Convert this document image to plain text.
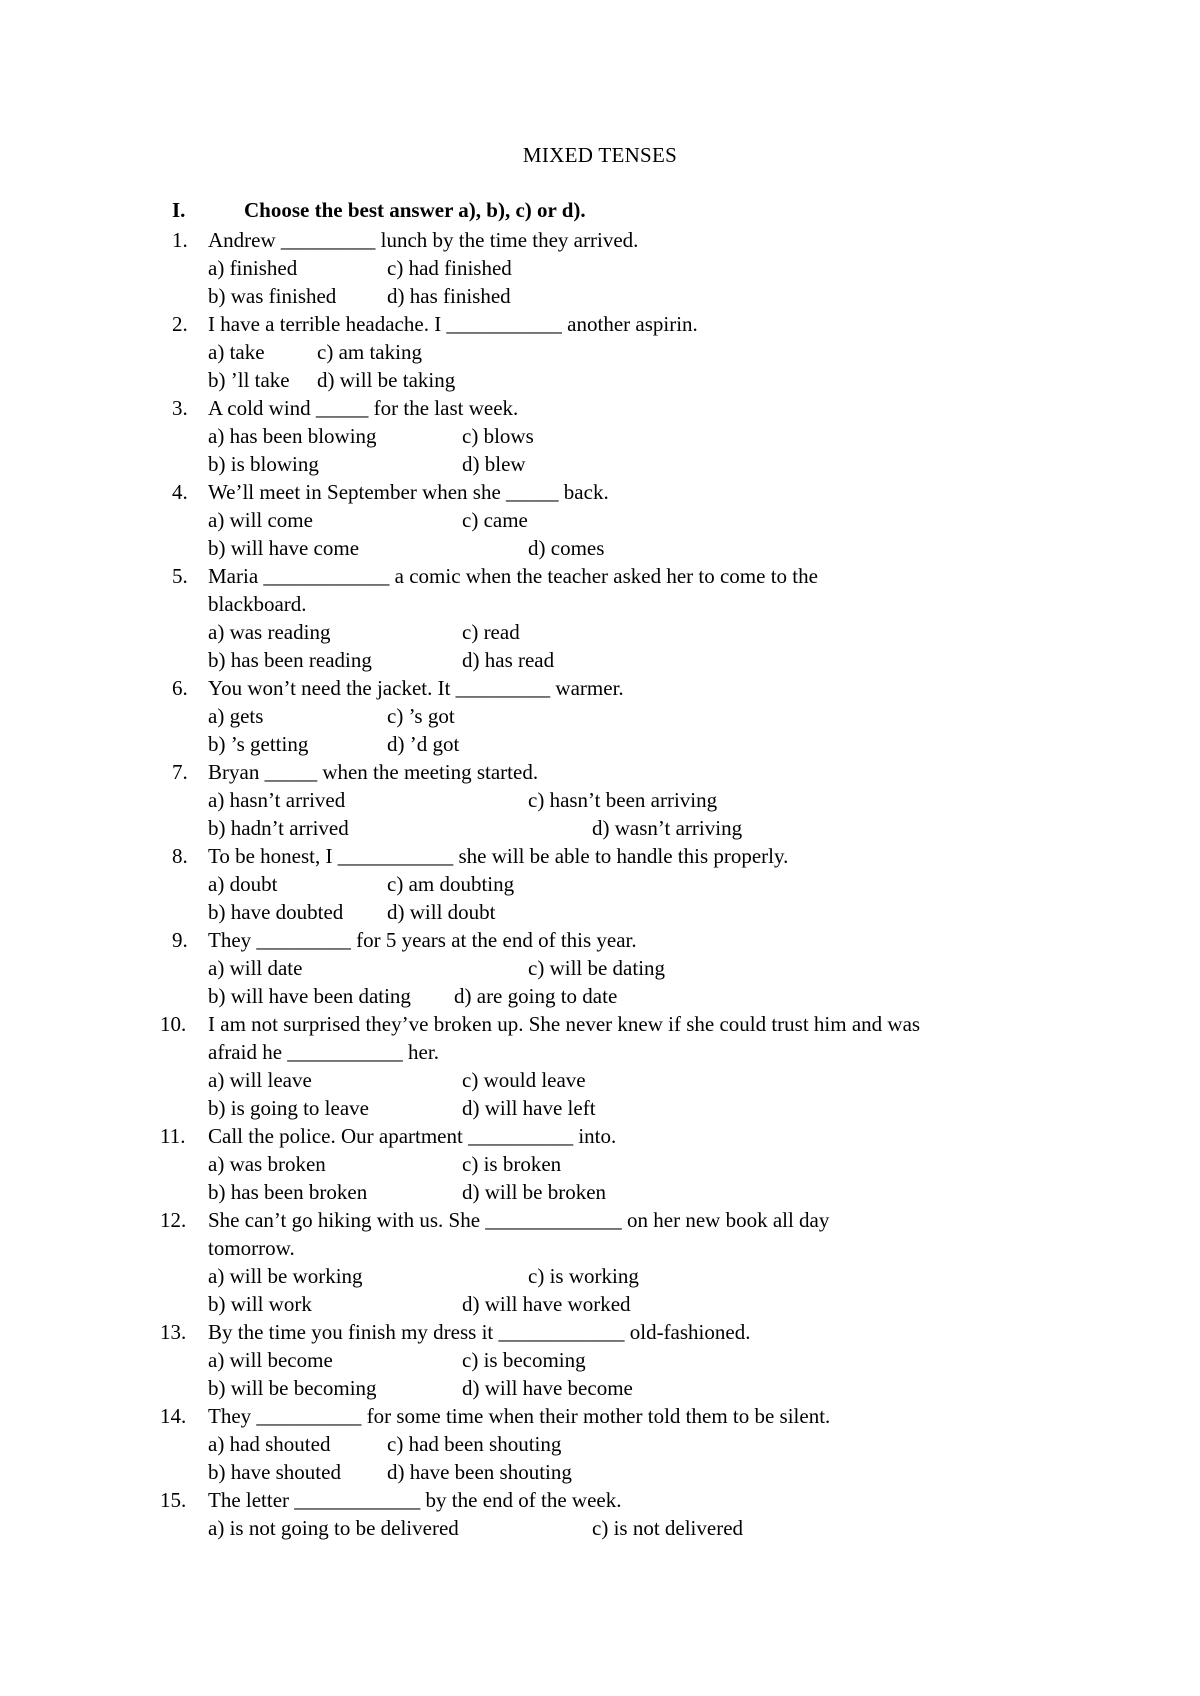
MIXED TENSES
I.	Choose the best answer a), b), c) or d).
1. Andrew _________ lunch by the time they arrived.
a) finished	c) had finished
b) was finished d) has finished
2. I have a terrible headache. I ___________ another aspirin.
a) take c) am taking
b) ’ll take d) will be taking
3. A cold wind _____ for the last week.
a) has been blowing	c) blows
b) is blowing	d) blew
4. We’ll meet in September when she _____ back.
a) will come	c) came
b) will have come	d) comes
5. Maria ____________ a comic when the teacher asked her to come to the
blackboard.
a) was reading	c) read
b) has been reading	d) has read
6. You won’t need the jacket. It _________ warmer.
a) gets	c) ’s got
b) ’s getting	d) ’d got
7. Bryan _____ when the meeting started.
a) hasn’t arrived	c) hasn’t been arriving
b) hadn’t arrived	d) wasn’t arriving
8. To be honest, I ___________ she will be able to handle this properly.
a) doubt	c) am doubting
b) have doubted d) will doubt
9. They _________ for 5 years at the end of this year.
a) will date	c) will be dating
b) will have been dating d) are going to date
10. I am not surprised they’ve broken up. She never knew if she could trust him and was
afraid he ___________ her.
a) will leave	c) would leave
b) is going to leave	d) will have left
11. Call the police. Our apartment __________ into.
a) was broken	c) is broken
b) has been broken	d) will be broken
12. She can’t go hiking with us. She _____________ on her new book all day
tomorrow.
a) will be working	c) is working
b) will work	d) will have worked
13. By the time you finish my dress it ____________ old-fashioned.
a) will become	c) is becoming
b) will be becoming	d) will have become
14. They __________ for some time when their mother told them to be silent.
a) had shouted	c) had been shouting
b) have shouted d) have been shouting
15. The letter ____________ by the end of the week.
a) is not going to be delivered	c) is not delivered
